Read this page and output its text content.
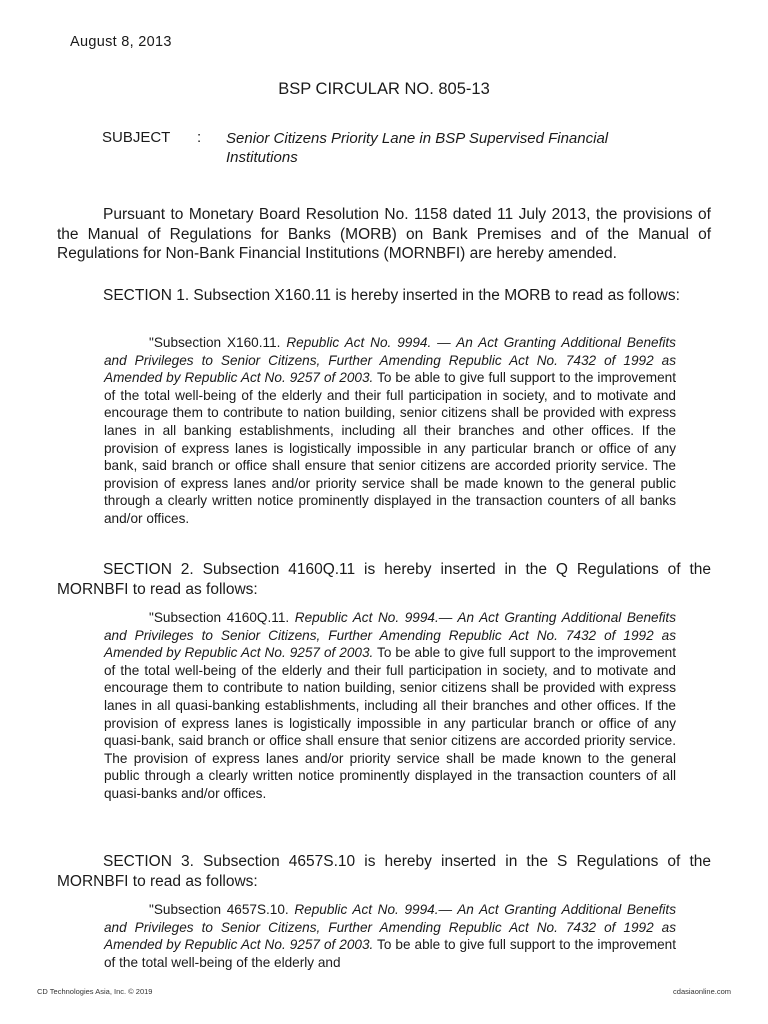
August 8, 2013
BSP CIRCULAR NO. 805-13
SUBJECT : Senior Citizens Priority Lane in BSP Supervised Financial Institutions

Pursuant to Monetary Board Resolution No. 1158 dated 11 July 2013, the provisions of the Manual of Regulations for Banks (MORB) on Bank Premises and of the Manual of Regulations for Non-Bank Financial Institutions (MORNBFI) are hereby amended.

SECTION 1. Subsection X160.11 is hereby inserted in the MORB to read as follows:

"Subsection X160.11. Republic Act No. 9994. — An Act Granting Additional Benefits and Privileges to Senior Citizens, Further Amending Republic Act No. 7432 of 1992 as Amended by Republic Act No. 9257 of 2003. To be able to give full support to the improvement of the total well-being of the elderly and their full participation in society, and to motivate and encourage them to contribute to nation building, senior citizens shall be provided with express lanes in all banking establishments, including all their branches and other offices. If the provision of express lanes is logistically impossible in any particular branch or office of any bank, said branch or office shall ensure that senior citizens are accorded priority service. The provision of express lanes and/or priority service shall be made known to the general public through a clearly written notice prominently displayed in the transaction counters of all banks and/or offices.

SECTION 2. Subsection 4160Q.11 is hereby inserted in the Q Regulations of the MORNBFI to read as follows:

"Subsection 4160Q.11. Republic Act No. 9994.— An Act Granting Additional Benefits and Privileges to Senior Citizens, Further Amending Republic Act No. 7432 of 1992 as Amended by Republic Act No. 9257 of 2003. To be able to give full support to the improvement of the total well-being of the elderly and their full participation in society, and to motivate and encourage them to contribute to nation building, senior citizens shall be provided with express lanes in all quasi-banking establishments, including all their branches and other offices. If the provision of express lanes is logistically impossible in any particular branch or office of any quasi-bank, said branch or office shall ensure that senior citizens are accorded priority service. The provision of express lanes and/or priority service shall be made known to the general public through a clearly written notice prominently displayed in the transaction counters of all quasi-banks and/or offices.

SECTION 3. Subsection 4657S.10 is hereby inserted in the S Regulations of the MORNBFI to read as follows:

"Subsection 4657S.10. Republic Act No. 9994.— An Act Granting Additional Benefits and Privileges to Senior Citizens, Further Amending Republic Act No. 7432 of 1992 as Amended by Republic Act No. 9257 of 2003. To be able to give full support to the improvement of the total well-being of the elderly and

CD Technologies Asia, Inc. © 2019	cdasiaonline.com
